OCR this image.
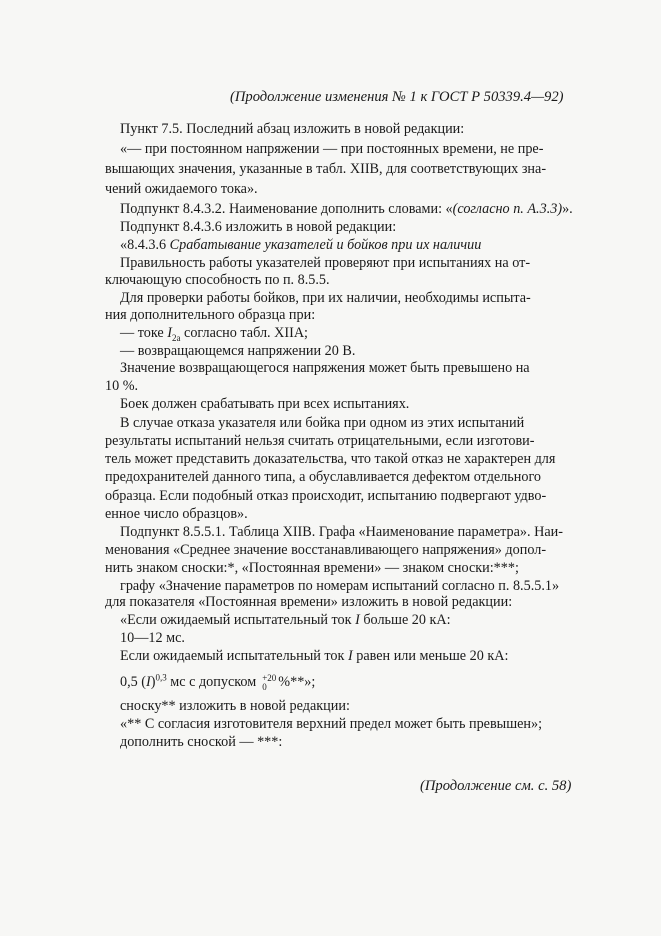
(Продолжение изменения № 1 к ГОСТ Р 50339.4—92)
Пункт 7.5. Последний абзац изложить в новой редакции:
«— при постоянном напряжении — при постоянных времени, не пре-
вышающих значения, указанные в табл. XIIB, для соответствующих зна-
чений ожидаемого тока».
Подпункт 8.4.3.2. Наименование дополнить словами: «(согласно п. A.3.3)».
Подпункт 8.4.3.6 изложить в новой редакции:
«8.4.3.6 Срабатывание указателей и бойков при их наличии
Правильность работы указателей проверяют при испытаниях на от-
ключающую способность по п. 8.5.5.
Для проверки работы бойков, при их наличии, необходимы испыта-
ния дополнительного образца при:
— токе $I_{2a}$ согласно табл. XIIA;
— возвращающемся напряжении 20 В.
Значение возвращающегося напряжения может быть превышено на
10 %.
Боек должен срабатывать при всех испытаниях.
В случае отказа указателя или бойка при одном из этих испытаний
результаты испытаний нельзя считать отрицательными, если изготови-
тель может представить доказательства, что такой отказ не характерен для
предохранителей данного типа, а обуславливается дефектом отдельного
образца. Если подобный отказ происходит, испытанию подвергают удво-
енное число образцов».
Подпункт 8.5.5.1. Таблица XIIB. Графа «Наименование параметра». Наи-
менования «Среднее значение восстанавливающего напряжения» допол-
нить знаком сноски:*, «Постоянная времени» — знаком сноски:***;
графу «Значение параметров по номерам испытаний согласно п. 8.5.5.1»
для показателя «Постоянная времени» изложить в новой редакции:
«Если ожидаемый испытательный ток I больше 20 кА:
10—12 мс.
Если ожидаемый испытательный ток I равен или меньше 20 кА:
0,5 $(I)^{0,3}$ мс с допуском +20
0 %**»;
сноску** изложить в новой редакции:
«** С согласия изготовителя верхний предел может быть превышен»;
дополнить сноской — ***:
(Продолжение см. с. 58)
